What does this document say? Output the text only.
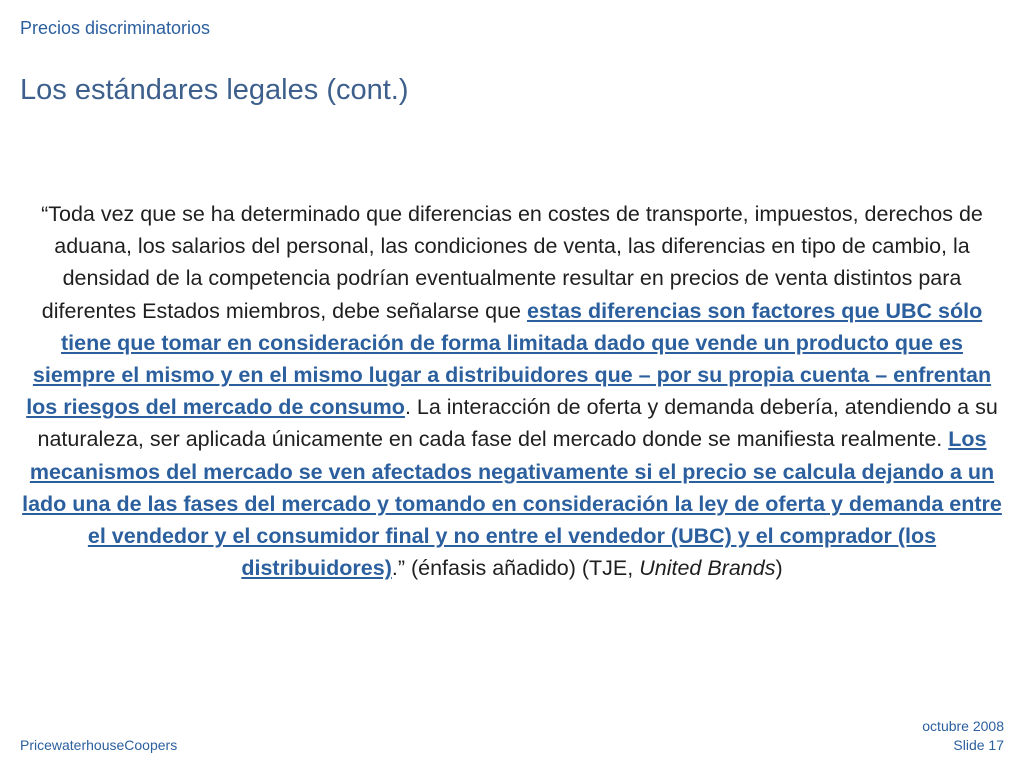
Precios discriminatorios
Los estándares legales (cont.)
“Toda vez que se ha determinado que diferencias en costes de transporte, impuestos, derechos de aduana, los salarios del personal, las condiciones de venta, las diferencias en tipo de cambio, la densidad de la competencia podrían eventualmente resultar en precios de venta distintos para diferentes Estados miembros, debe señalarse que estas diferencias son factores que UBC sólo tiene que tomar en consideración de forma limitada dado que vende un producto que es siempre el mismo y en el mismo lugar a distribuidores que – por su propia cuenta – enfrentan los riesgos del mercado de consumo. La interacción de oferta y demanda debería, atendiendo a su naturaleza, ser aplicada únicamente en cada fase del mercado donde se manifiesta realmente. Los mecanismos del mercado se ven afectados negativamente si el precio se calcula dejando a un lado una de las fases del mercado y tomando en consideración la ley de oferta y demanda entre el vendedor y el consumidor final y no entre el vendedor (UBC) y el comprador (los distribuidores).” (énfasis añadido) (TJE, United Brands)
PricewaterhouseCoopers
octubre 2008
Slide 17
